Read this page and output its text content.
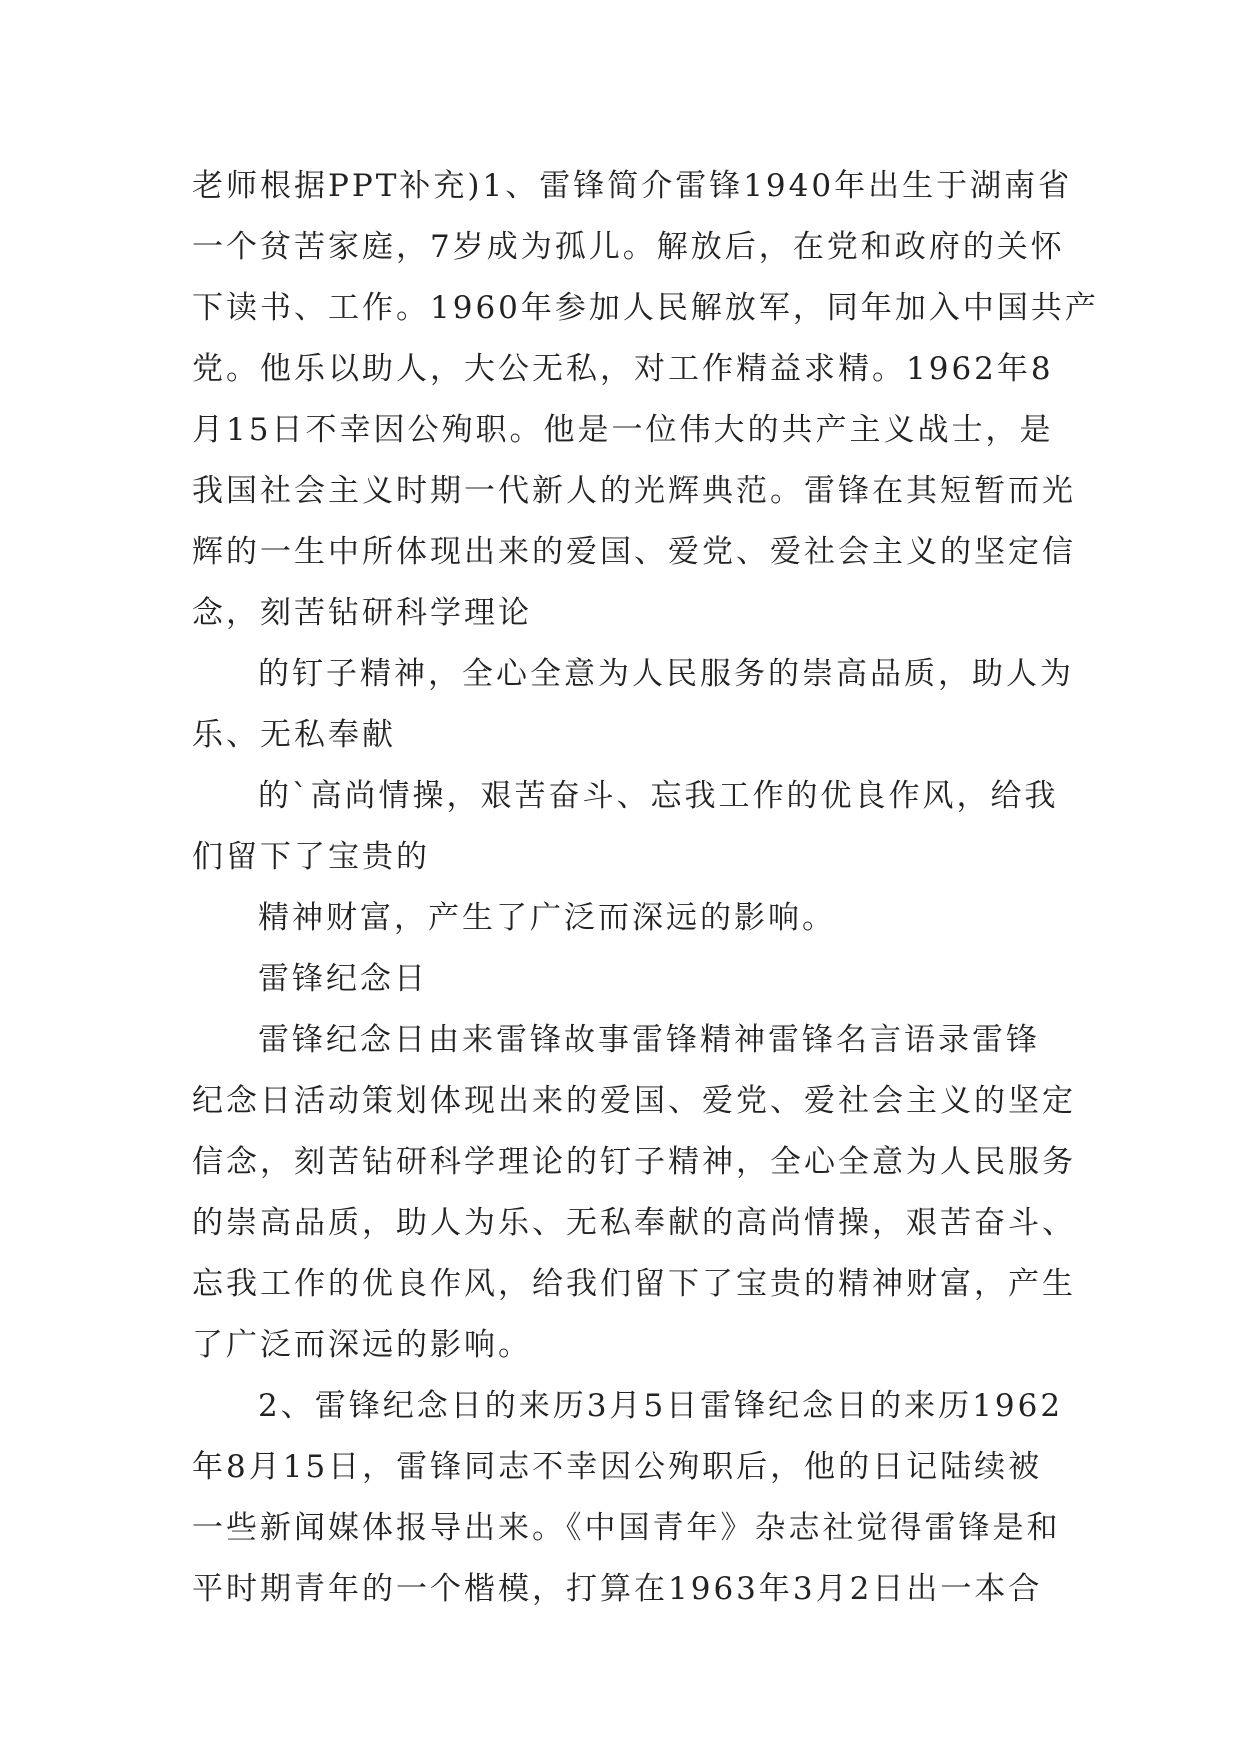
老师根据PPT补充)1、雷锋简介雷锋1940年出生于湖南省
一个贫苦家庭，7岁成为孤儿。解放后，在党和政府的关怀
下读书、工作。1960年参加人民解放军，同年加入中国共产
党。他乐以助人，大公无私，对工作精益求精。1962年8
月15日不幸因公殉职。他是一位伟大的共产主义战士，是
我国社会主义时期一代新人的光辉典范。雷锋在其短暂而光
辉的一生中所体现出来的爱国、爱党、爱社会主义的坚定信
念，刻苦钻研科学理论
的钉子精神，全心全意为人民服务的崇高品质，助人为
乐、无私奉献
的`高尚情操，艰苦奋斗、忘我工作的优良作风，给我
们留下了宝贵的
精神财富，产生了广泛而深远的影响。
雷锋纪念日
雷锋纪念日由来雷锋故事雷锋精神雷锋名言语录雷锋
纪念日活动策划体现出来的爱国、爱党、爱社会主义的坚定
信念，刻苦钻研科学理论的钉子精神，全心全意为人民服务
的崇高品质，助人为乐、无私奉献的高尚情操，艰苦奋斗、
忘我工作的优良作风，给我们留下了宝贵的精神财富，产生
了广泛而深远的影响。
2、雷锋纪念日的来历3月5日雷锋纪念日的来历1962
年8月15日，雷锋同志不幸因公殉职后，他的日记陆续被
一些新闻媒体报导出来。《中国青年》杂志社觉得雷锋是和
平时期青年的一个楷模，打算在1963年3月2日出一本合
